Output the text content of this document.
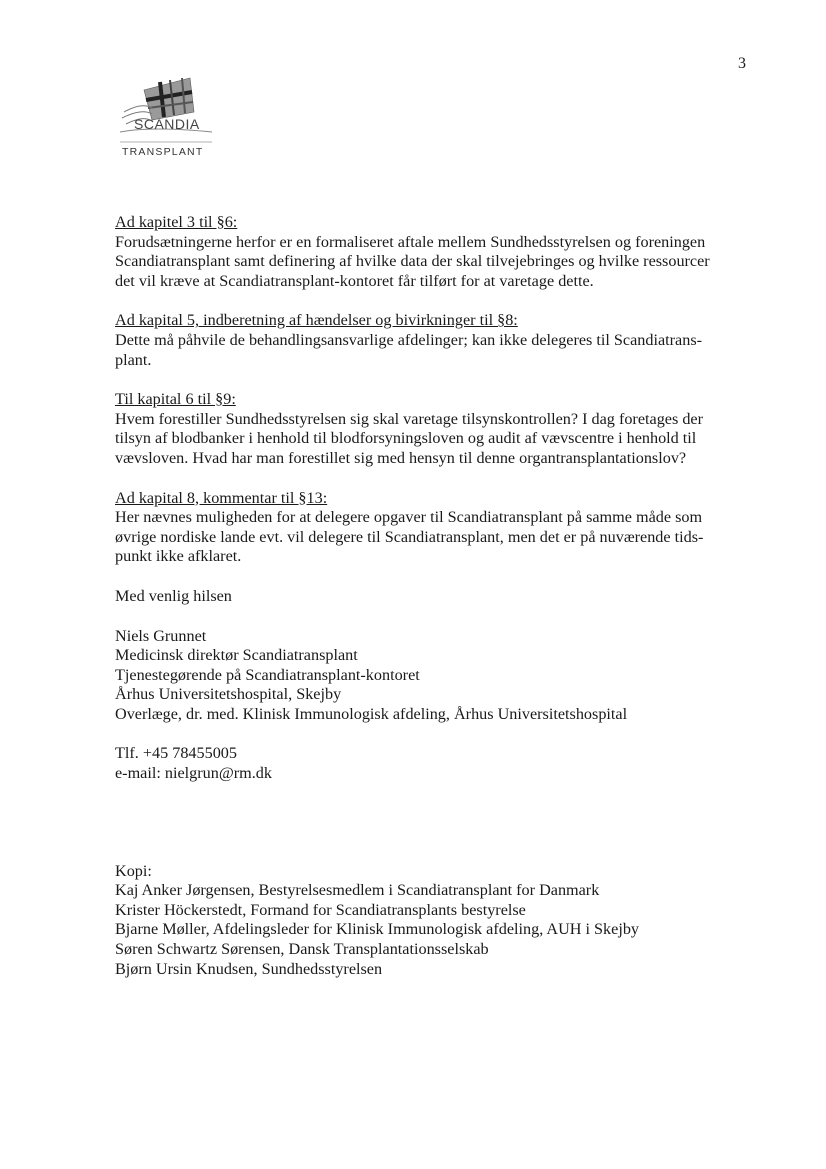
3
SCANDIA
TRANSPLANT
Ad kapitel 3 til §6:
Forudsætningerne herfor er en formaliseret aftale mellem Sundhedsstyrelsen og foreningen
Scandiatransplant samt definering af hvilke data der skal tilvejebringes og hvilke ressourcer
det vil kræve at Scandiatransplant-kontoret får tilført for at varetage dette.
Ad kapital 5, indberetning af hændelser og bivirkninger til §8:
Dette må påhvile de behandlingsansvarlige afdelinger; kan ikke delegeres til Scandiatrans-
plant.
Til kapital 6 til §9:
Hvem forestiller Sundhedsstyrelsen sig skal varetage tilsynskontrollen? I dag foretages der
tilsyn af blodbanker i henhold til blodforsyningsloven og audit af vævscentre i henhold til
vævsloven. Hvad har man forestillet sig med hensyn til denne organtransplantationslov?
Ad kapital 8, kommentar til §13:
Her nævnes muligheden for at delegere opgaver til Scandiatransplant på samme måde som
øvrige nordiske lande evt. vil delegere til Scandiatransplant, men det er på nuværende tids-
punkt ikke afklaret.
Med venlig hilsen
Niels Grunnet
Medicinsk direktør Scandiatransplant
Tjenestegørende på Scandiatransplant-kontoret
Århus Universitetshospital, Skejby
Overlæge, dr. med. Klinisk Immunologisk afdeling, Århus Universitetshospital
Tlf. +45 78455005
e-mail: nielgrun@rm.dk
Kopi:
Kaj Anker Jørgensen, Bestyrelsesmedlem i Scandiatransplant for Danmark
Krister Höckerstedt, Formand for Scandiatransplants bestyrelse
Bjarne Møller, Afdelingsleder for Klinisk Immunologisk afdeling, AUH i Skejby
Søren Schwartz Sørensen, Dansk Transplantationsselskab
Bjørn Ursin Knudsen, Sundhedsstyrelsen
